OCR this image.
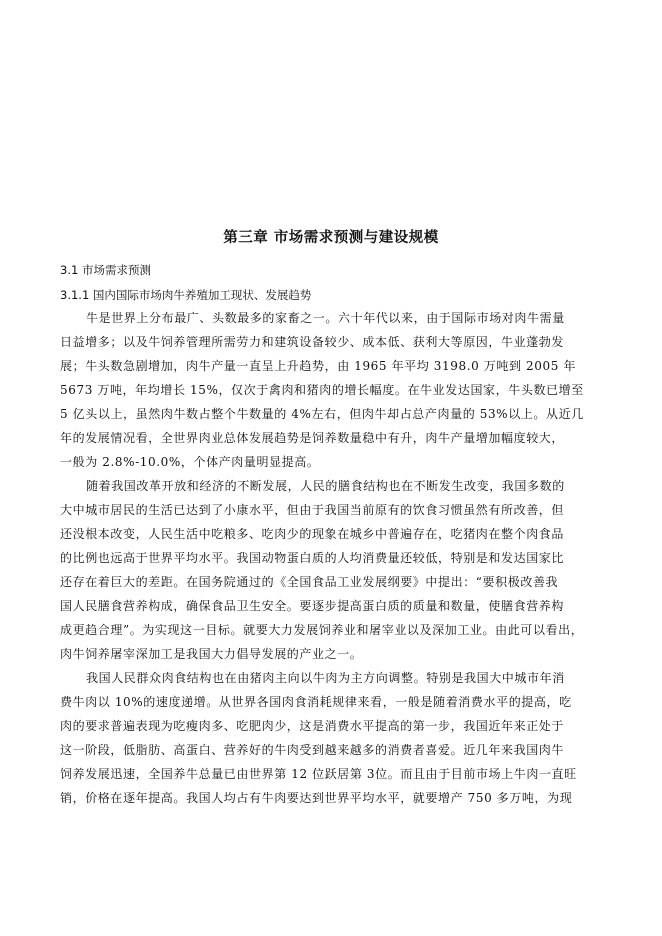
第三章 市场需求预测与建设规模
3.1 市场需求预测
3.1.1 国内国际市场肉牛养殖加工现状、发展趋势
牛是世界上分布最广、头数最多的家畜之一。六十年代以来，由于国际市场对肉牛需量
日益增多；以及牛饲养管理所需劳力和建筑设备较少、成本低、获利大等原因，牛业蓬勃发
展；牛头数急剧增加，肉牛产量一直呈上升趋势，由 1965 年平均 3198.0 万吨到 2005 年
5673 万吨，年均增长 15%，仅次于禽肉和猪肉的增长幅度。在牛业发达国家，牛头数已增至
5 亿头以上，虽然肉牛数占整个牛数量的 4%左右，但肉牛却占总产肉量的 53%以上。从近几
年的发展情况看，全世界肉业总体发展趋势是饲养数量稳中有升，肉牛产量增加幅度较大，
一般为 2.8%-10.0%，个体产肉量明显提高。
随着我国改革开放和经济的不断发展，人民的膳食结构也在不断发生改变，我国多数的
大中城市居民的生活已达到了小康水平，但由于我国当前原有的饮食习惯虽然有所改善，但
还没根本改变，人民生活中吃粮多、吃肉少的现象在城乡中普遍存在，吃猪肉在整个肉食品
的比例也远高于世界平均水平。我国动物蛋白质的人均消费量还较低，特别是和发达国家比
还存在着巨大的差距。在国务院通过的《全国食品工业发展纲要》中提出：“要积极改善我
国人民膳食营养构成，确保食品卫生安全。要逐步提高蛋白质的质量和数量，使膳食营养构
成更趋合理”。为实现这一目标。就要大力发展饲养业和屠宰业以及深加工业。由此可以看出，
肉牛饲养屠宰深加工是我国大力倡导发展的产业之一。
我国人民群众肉食结构也在由猪肉主向以牛肉为主方向调整。特别是我国大中城市年消
费牛肉以 10%的速度递增。从世界各国肉食消耗规律来看，一般是随着消费水平的提高，吃
肉的要求普遍表现为吃瘦肉多、吃肥肉少，这是消费水平提高的第一步，我国近年来正处于
这一阶段，低脂肪、高蛋白、营养好的牛肉受到越来越多的消费者喜爱。近几年来我国肉牛
饲养发展迅速，全国养牛总量已由世界第 12 位跃居第 3位。而且由于目前市场上牛肉一直旺
销，价格在逐年提高。我国人均占有牛肉要达到世界平均水平，就要增产 750 多万吨，为现
